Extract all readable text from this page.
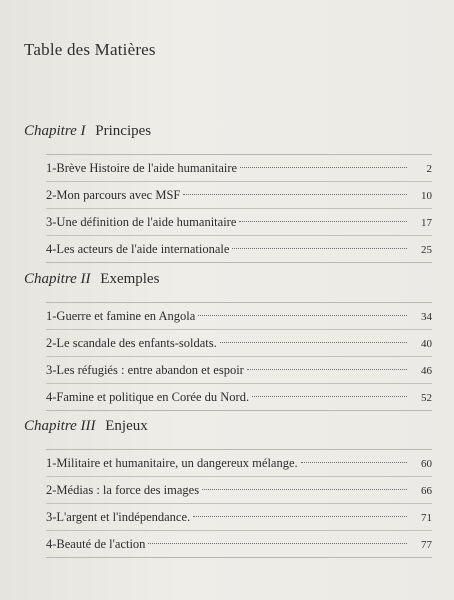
Table des Matières
Chapitre I Principes
1-Brève Histoire de l'aide humanitaire	2
2-Mon parcours avec MSF	10
3-Une définition de l'aide humanitaire	17
4-Les acteurs de l'aide internationale	25
Chapitre II Exemples
1-Guerre et famine en Angola	34
2-Le scandale des enfants-soldats.	40
3-Les réfugiés : entre abandon et espoir	46
4-Famine et politique en Corée du Nord.	52
Chapitre III Enjeux
1-Militaire et humanitaire, un dangereux mélange.	60
2-Médias : la force des images	66
3-L'argent et l'indépendance.	71
4-Beauté de l'action	77
